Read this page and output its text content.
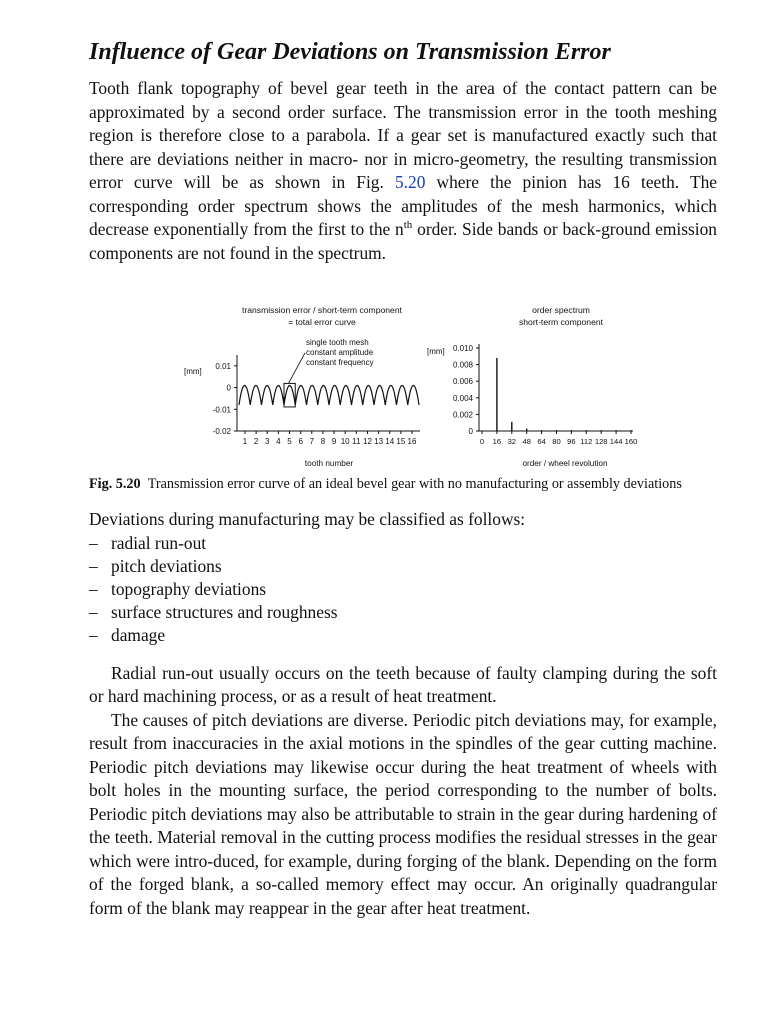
Influence of Gear Deviations on Transmission Error

Tooth flank topography of bevel gear teeth in the area of the contact pattern can be approximated by a second order surface. The transmission error in the tooth meshing region is therefore close to a parabola. If a gear set is manufactured exactly such that there are deviations neither in macro- nor in micro-geometry, the resulting transmission error curve will be as shown in Fig. 5.20 where the pinion has 16 teeth. The corresponding order spectrum shows the amplitudes of the mesh harmonics, which decrease exponentially from the first to the $n^{th}$ order. Side bands or back-ground emission components are not found in the spectrum.

transmission error / short-term component
= total error curve
[mm]
single tooth mesh
constant amplitude
constant frequency
tooth number
0.01
0
-0.01
-0.02
1 2 3 4 5 6 7 8 9 10 11 12 13 14 15 16
order spectrum
short-term component
[mm]
order / wheel revolution
0
0.002
0.004
0.006
0.008
0.010
0 16 32 48 64 80 96 112 128 144 160

Fig. 5.20 Transmission error curve of an ideal bevel gear with no manufacturing or assembly deviations

Deviations during manufacturing may be classified as follows:

– radial run-out
– pitch deviations
– topography deviations
– surface structures and roughness
– damage

Radial run-out usually occurs on the teeth because of faulty clamping during the soft or hard machining process, or as a result of heat treatment.

The causes of pitch deviations are diverse. Periodic pitch deviations may, for example, result from inaccuracies in the axial motions in the spindles of the gear cutting machine. Periodic pitch deviations may likewise occur during the heat treatment of wheels with bolt holes in the mounting surface, the period corresponding to the number of bolts. Periodic pitch deviations may also be attributable to strain in the gear during hardening of the teeth. Material removal in the cutting process modifies the residual stresses in the gear which were intro-duced, for example, during forging of the blank. Depending on the form of the forged blank, a so-called memory effect may occur. An originally quadrangular form of the blank may reappear in the gear after heat treatment.
